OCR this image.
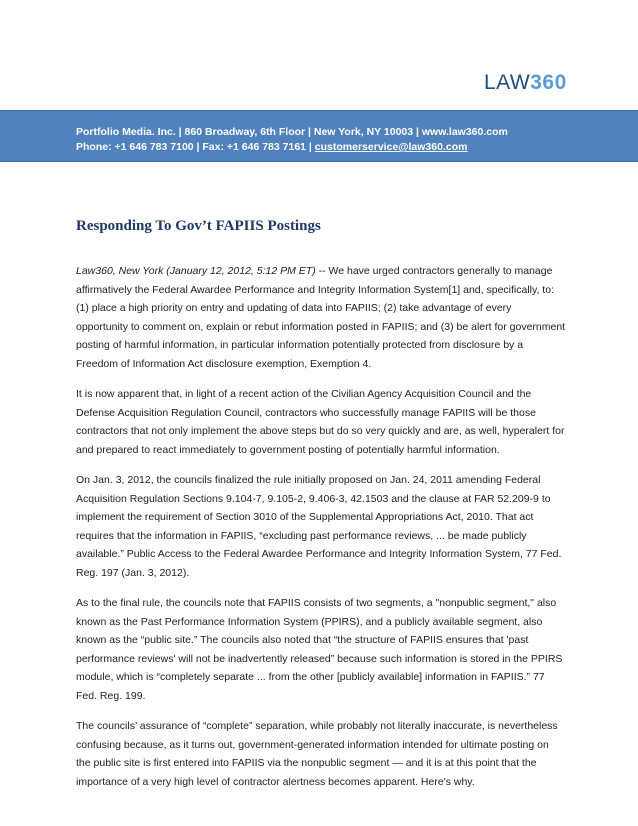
LAW360
Portfolio Media. Inc. | 860 Broadway, 6th Floor | New York, NY 10003 | www.law360.com
Phone: +1 646 783 7100 | Fax: +1 646 783 7161 | customerservice@law360.com
Responding To Gov’t FAPIIS Postings

Law360, New York (January 12, 2012, 5:12 PM ET) -- We have urged contractors generally to manage affirmatively the Federal Awardee Performance and Integrity Information System[1] and, specifically, to: (1) place a high priority on entry and updating of data into FAPIIS; (2) take advantage of every opportunity to comment on, explain or rebut information posted in FAPIIS; and (3) be alert for government posting of harmful information, in particular information potentially protected from disclosure by a Freedom of Information Act disclosure exemption, Exemption 4.

It is now apparent that, in light of a recent action of the Civilian Agency Acquisition Council and the Defense Acquisition Regulation Council, contractors who successfully manage FAPIIS will be those contractors that not only implement the above steps but do so very quickly and are, as well, hyperalert for and prepared to react immediately to government posting of potentially harmful information.

On Jan. 3, 2012, the councils finalized the rule initially proposed on Jan. 24, 2011 amending Federal Acquisition Regulation Sections 9.104-7, 9.105-2, 9.406-3, 42.1503 and the clause at FAR 52.209-9 to implement the requirement of Section 3010 of the Supplemental Appropriations Act, 2010. That act requires that the information in FAPIIS, “excluding past performance reviews, ... be made publicly available.” Public Access to the Federal Awardee Performance and Integrity Information System, 77 Fed. Reg. 197 (Jan. 3, 2012).

As to the final rule, the councils note that FAPIIS consists of two segments, a "nonpublic segment," also known as the Past Performance Information System (PPIRS), and a publicly available segment, also known as the “public site.” The councils also noted that “the structure of FAPIIS ensures that 'past performance reviews' will not be inadvertently released” because such information is stored in the PPIRS module, which is “completely separate ... from the other [publicly available] information in FAPIIS.” 77 Fed. Reg. 199.

The councils’ assurance of “complete” separation, while probably not literally inaccurate, is nevertheless confusing because, as it turns out, government-generated information intended for ultimate posting on the public site is first entered into FAPIIS via the nonpublic segment — and it is at this point that the importance of a very high level of contractor alertness becomes apparent. Here's why.
